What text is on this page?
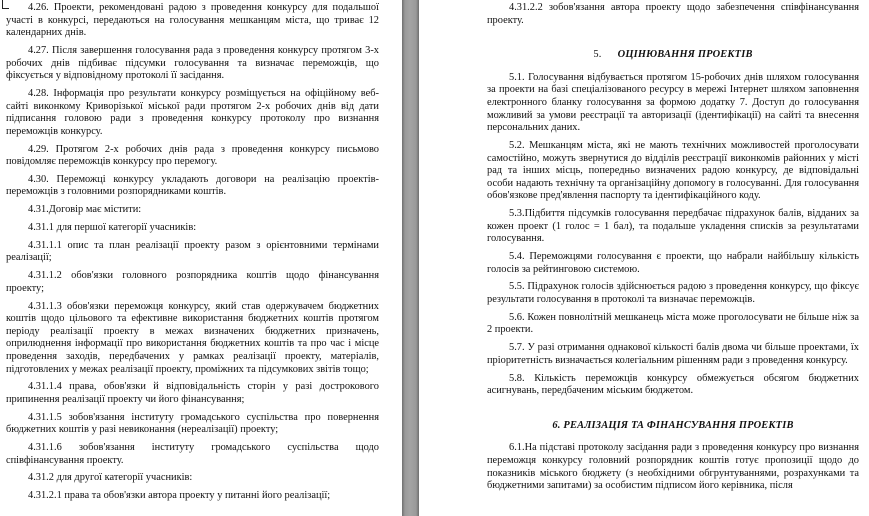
4.26. Проекти, рекомендовані радою з проведення конкурсу для подальшої участі в конкурсі, передаються на голосування мешканцям міста, що триває 12 календарних днів.

4.27. Після завершення голосування рада з проведення конкурсу протягом 3-х робочих днів підбиває підсумки голосування та визначає переможців, що фіксується у відповідному протоколі її засідання.

4.28. Інформація про результати конкурсу розміщується на офіційному веб-сайті виконкому Криворізької міської ради протягом 2-х робочих днів від дати підписання головою ради з проведення конкурсу протоколу про визнання переможців конкурсу.

4.29. Протягом 2-х робочих днів рада з проведення конкурсу письмово повідомляє переможців конкурсу про перемогу.

4.30. Переможці конкурсу укладають договори на реалізацію проектів-переможців з головними розпорядниками коштів.

4.31.Договір має містити:

4.31.1 для першої категорії учасників:

4.31.1.1 опис та план реалізації проекту разом з орієнтовними термінами реалізації;

4.31.1.2 обов'язки головного розпорядника коштів щодо фінансування проекту;

4.31.1.3 обов'язки переможця конкурсу, який став одержувачем бюджетних коштів щодо цільового та ефективне використання бюджетних коштів протягом періоду реалізації проекту в межах визначених бюджетних призначень, оприлюднення інформації про використання бюджетних коштів та про час і місце проведення заходів, передбачених у рамках реалізації проекту, матеріалів, підготовлених у межах реалізації проекту, проміжних та підсумкових звітів тощо;

4.31.1.4 права, обов'язки й відповідальність сторін у разі дострокового припинення реалізації проекту чи його фінансування;

4.31.1.5 зобов'язання інституту громадського суспільства про повернення бюджетних коштів у разі невиконання (нереалізації) проекту;

4.31.1.6 зобов'язання інституту громадського суспільства щодо співфінансування проекту.

4.31.2 для другої категорії учасників:

4.31.2.1 права та обов'язки автора проекту у питанні його реалізації;

4.31.2.2 зобов'язання автора проекту щодо забезпечення співфінансування проекту.

5. ОЦІНЮВАННЯ ПРОЕКТІВ

5.1. Голосування відбувається протягом 15-робочих днів шляхом голосування за проекти на базі спеціалізованого ресурсу в мережі Інтернет шляхом заповнення електронного бланку голосування за формою додатку 7. Доступ до голосування можливий за умови реєстрації та авторизації (ідентифікації) на сайті та внесення персональних даних.

5.2. Мешканцям міста, які не мають технічних можливостей проголосувати самостійно, можуть звернутися до відділів реєстрації виконкомів районних у місті рад та інших місць, попередньо визначених радою конкурсу, де відповідальні особи надають технічну та організаційну допомогу в голосуванні. Для голосування обов'язкове пред'явлення паспорту та ідентифікаційного коду.

5.3.Підбиття підсумків голосування передбачає підрахунок балів, відданих за кожен проект (1 голос = 1 бал), та подальше укладення списків за результатами голосування.

5.4. Переможцями голосування є проекти, що набрали найбільшу кількість голосів за рейтинговою системою.

5.5. Підрахунок голосів здійснюється радою з проведення конкурсу, що фіксує результати голосування в протоколі та визначає переможців.

5.6. Кожен повнолітній мешканець міста може проголосувати не більше ніж за 2 проекти.

5.7. У разі отримання однакової кількості балів двома чи більше проектами, їх пріоритетність визначається колегіальним рішенням ради з проведення конкурсу.

5.8. Кількість переможців конкурсу обмежується обсягом бюджетних асигнувань, передбаченим міським бюджетом.

6. РЕАЛІЗАЦІЯ ТА ФІНАНСУВАННЯ ПРОЕКТІВ

6.1.На підставі протоколу засідання ради з проведення конкурсу про визнання переможця конкурсу головний розпорядник коштів готує пропозиції щодо до показників міського бюджету (з необхідними обгрунтуваннями, розрахунками та бюджетними запитами) за особистим підписом його керівника, після
